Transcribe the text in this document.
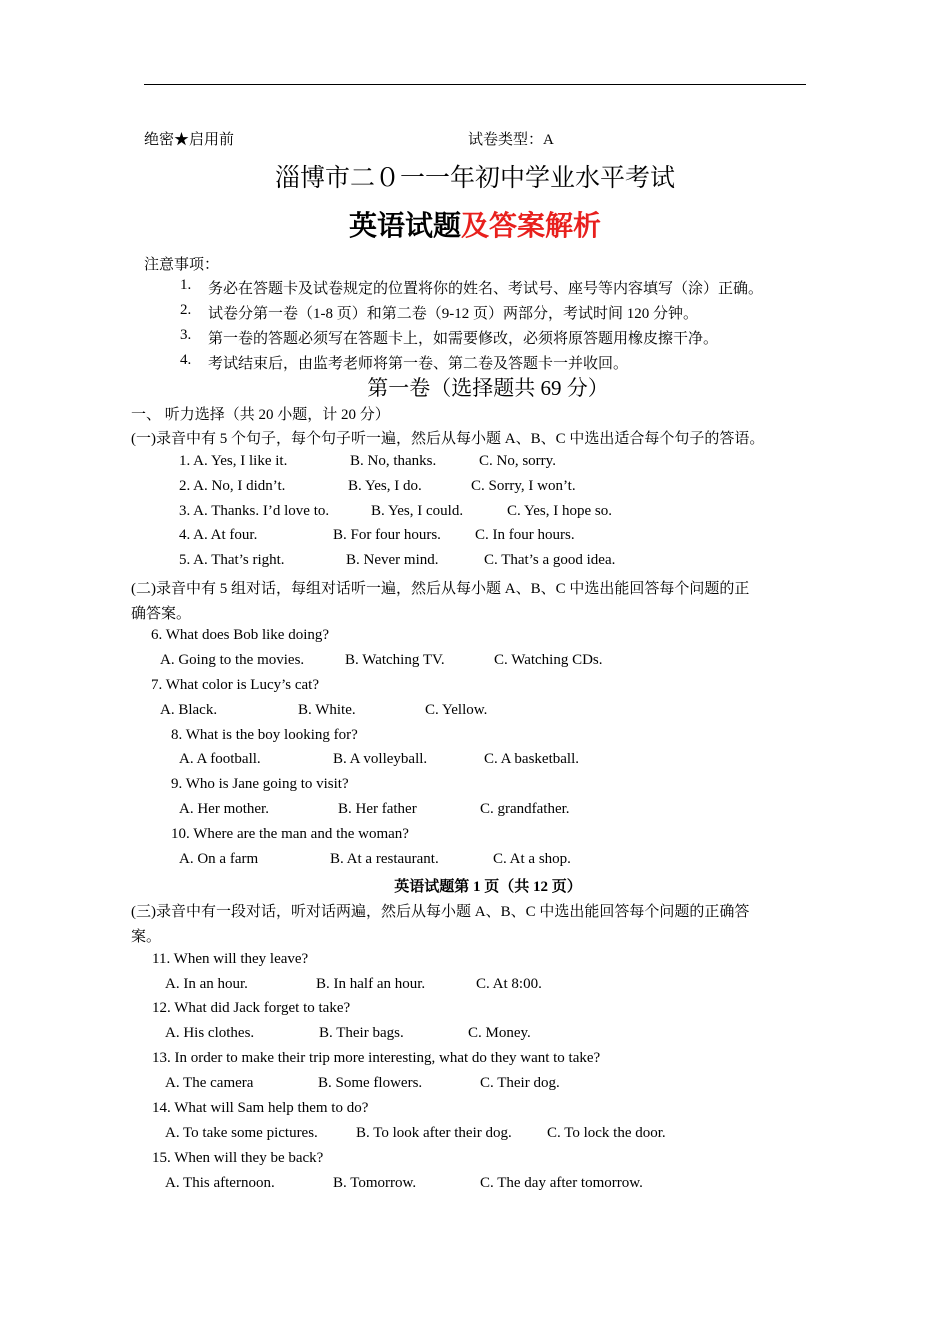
绝密★启用前	试卷类型：A
淄博市二０一一年初中学业水平考试
英语试题及答案解析
注意事项：
1. 务必在答题卡及试卷规定的位置将你的姓名、考试号、座号等内容填写（涂）正确。
2. 试卷分第一卷（1-8 页）和第二卷（9-12 页）两部分，考试时间 120 分钟。
3. 第一卷的答题必须写在答题卡上，如需要修改，必须将原答题用橡皮擦干净。
4. 考试结束后，由监考老师将第一卷、第二卷及答题卡一并收回。
第一卷（选择题共 69 分）
一、 听力选择（共 20 小题，计 20 分）
(一)录音中有 5 个句子，每个句子听一遍，然后从每小题 A、B、C 中选出适合每个句子的答语。
1. A. Yes, I like it.	B. No, thanks.	C. No, sorry.
2. A. No, I didn’t.	B. Yes, I do.	C. Sorry, I won’t.
3. A. Thanks. I’d love to.	B. Yes, I could.	C. Yes, I hope so.
4. A. At four.	B. For four hours. C. In four hours.
5. A. That’s right.	B. Never mind.	C. That’s a good idea.
(二)录音中有 5 组对话，每组对话听一遍，然后从每小题 A、B、C 中选出能回答每个问题的正
确答案。
6. What does Bob like doing?
A. Going to the movies.	B. Watching TV.	C. Watching CDs.
7. What color is Lucy’s cat?
A. Black.	B. White.	C. Yellow.
8. What is the boy looking for?
A. A football.	B. A volleyball.	C. A basketball.
9. Who is Jane going to visit?
A. Her mother.	B. Her father	C. grandfather.
10. Where are the man and the woman?
A. On a farm	B. At a restaurant.	C. At a shop.
英语试题第 1 页（共 12 页）
(三)录音中有一段对话，听对话两遍，然后从每小题 A、B、C 中选出能回答每个问题的正确答
案。
11. When will they leave?
A. In an hour.	B. In half an hour.	C. At 8:00.
12. What did Jack forget to take?
A. His clothes.	B. Their bags.	C. Money.
13. In order to make their trip more interesting, what do they want to take?
A. The camera	B. Some flowers.	C. Their dog.
14. What will Sam help them to do?
A. To take some pictures.	B. To look after their dog. C. To lock the door.
15. When will they be back?
A. This afternoon.	B. Tomorrow.	C. The day after tomorrow.
